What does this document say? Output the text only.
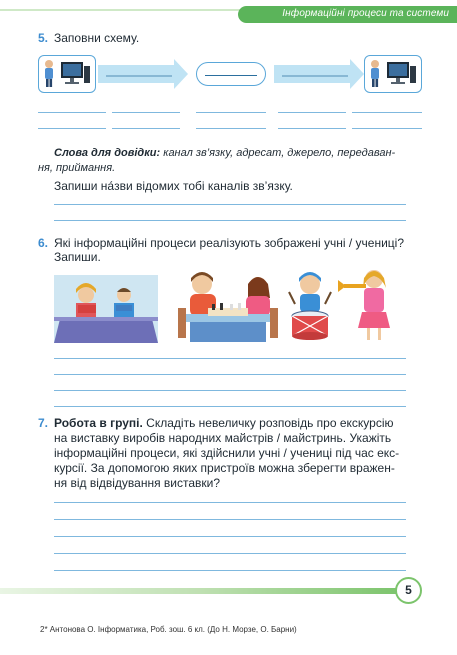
Інформаційні процеси та системи
5. Заповни схему.
Слова для довідки: канал зв’язку, адресат, джерело, передаван-
ня, приймання.
Запиши на́зви відомих тобі каналів зв’язку.
6. Які інформаційні процеси реалізують зображені учні / учениці?
Запиши.
7. Робота в групі. Складіть невеличку розповідь про екскурсію
на виставку виробів народних майстрів / майстринь. Укажіть
інформаційні процеси, які здійснили учні / учениці під час екс-
курсії. За допомогою яких пристроїв можна зберегти вражен-
ня від відвідування виставки?
5
2* Антонова О. Інформатика, Роб. зош. 6 кл. (До Н. Морзе, О. Барни)
